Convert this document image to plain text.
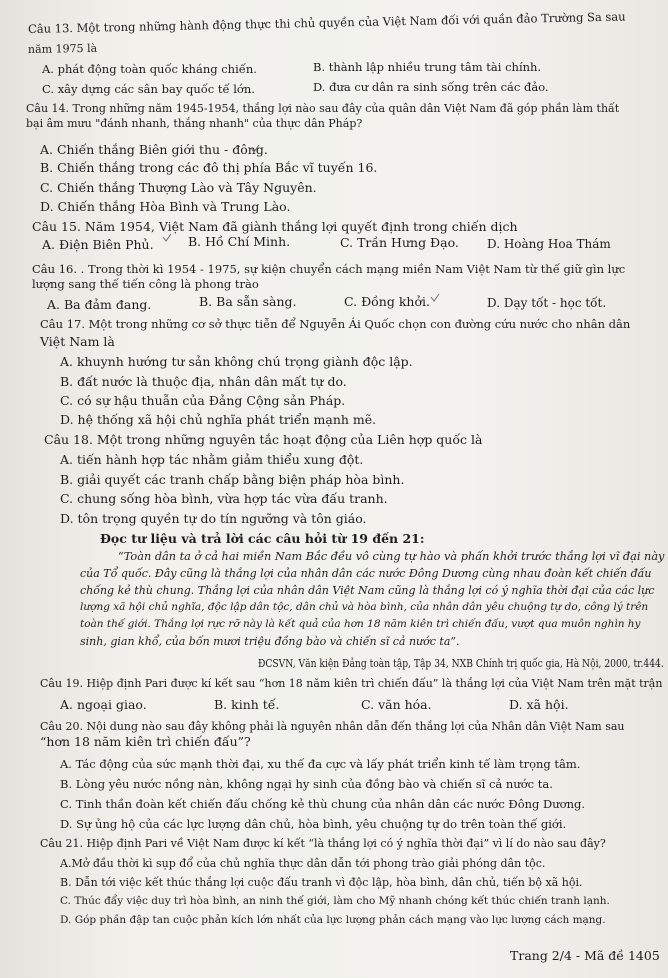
Câu 13. Một trong những hành động thực thi chủ quyền của Việt Nam đối với quần đảo Trường Sa sau
năm 1975 là
A. phát động toàn quốc kháng chiến.	B. thành lập nhiều trung tâm tài chính.
C. xây dựng các sân bay quốc tế lớn.	D. đưa cư dân ra sinh sống trên các đảo.
Câu 14. Trong những năm 1945-1954, thắng lợi nào sau đây của quân dân Việt Nam đã góp phần làm thất
bại âm mưu "đánh nhanh, thắng nhanh" của thực dân Pháp?
A. Chiến thắng Biên giới thu - đông.
B. Chiến thắng trong các đô thị phía Bắc vĩ tuyến 16.
C. Chiến thắng Thượng Lào và Tây Nguyên.
D. Chiến thắng Hòa Bình và Trung Lào.
Câu 15. Năm 1954, Việt Nam đã giành thắng lợi quyết định trong chiến dịch
A. Điện Biên Phủ.	B. Hồ Chí Minh.	C. Trần Hưng Đạo. D. Hoàng Hoa Thám
Câu 16. . Trong thời kì 1954 - 1975, sự kiện chuyển cách mạng miền Nam Việt Nam từ thế giữ gìn lực
lượng sang thế tiến công là phong trào
A. Ba đảm đang.	B. Ba sẵn sàng.	C. Đồng khởi.	D. Dạy tốt - học tốt.
Câu 17. Một trong những cơ sở thực tiễn để Nguyễn Ái Quốc chọn con đường cứu nước cho nhân dân
Việt Nam là
A. khuynh hướng tư sản không chú trọng giành độc lập.
B. đất nước là thuộc địa, nhân dân mất tự do.
C. có sự hậu thuẫn của Đảng Cộng sản Pháp.
D. hệ thống xã hội chủ nghĩa phát triển mạnh mẽ.
Câu 18. Một trong những nguyên tắc hoạt động của Liên hợp quốc là
A. tiến hành hợp tác nhằm giảm thiểu xung đột.
B. giải quyết các tranh chấp bằng biện pháp hòa bình.
C. chung sống hòa bình, vừa hợp tác vừa đấu tranh.
D. tôn trọng quyền tự do tín ngưỡng và tôn giáo.
Đọc tư liệu và trả lời các câu hỏi từ 19 đến 21:
“Toàn dân ta ở cả hai miền Nam Bắc đều vô cùng tự hào và phấn khởi trước thắng lợi vĩ đại này
của Tổ quốc. Đây cũng là thắng lợi của nhân dân các nước Đông Dương cùng nhau đoàn kết chiến đấu
chống kẻ thù chung. Thắng lợi của nhân dân Việt Nam cũng là thắng lợi có ý nghĩa thời đại của các lực
lượng xã hội chủ nghĩa, độc lập dân tộc, dân chủ và hòa bình, của nhân dân yêu chuộng tự do, công lý trên
toàn thế giới. Thắng lợi rực rỡ này là kết quả của hơn 18 năm kiên trì chiến đấu, vượt qua muôn nghìn hy
sinh, gian khổ, của bốn mươi triệu đồng bào và chiến sĩ cả nước ta”.
ĐCSVN, Văn kiện Đảng toàn tập, Tập 34, NXB Chính trị quốc gia, Hà Nội, 2000, tr.444.
Câu 19. Hiệp định Pari được kí kết sau “hơn 18 năm kiên trì chiến đấu” là thắng lợi của Việt Nam trên mặt trận
A. ngoại giao.	B. kinh tế.	C. văn hóa.	D. xã hội.
Câu 20. Nội dung nào sau đây không phải là nguyên nhân dẫn đến thắng lợi của Nhân dân Việt Nam sau
“hơn 18 năm kiên trì chiến đấu”?
A. Tác động của sức mạnh thời đại, xu thế đa cực và lấy phát triển kinh tế làm trọng tâm.
B. Lòng yêu nước nồng nàn, không ngại hy sinh của đồng bào và chiến sĩ cả nước ta.
C. Tinh thần đoàn kết chiến đấu chống kẻ thù chung của nhân dân các nước Đông Dương.
D. Sự ủng hộ của các lực lượng dân chủ, hòa bình, yêu chuộng tự do trên toàn thế giới.
Câu 21. Hiệp định Pari về Việt Nam được kí kết “là thắng lợi có ý nghĩa thời đại” vì lí do nào sau đây?
A.Mở đầu thời kì sụp đổ của chủ nghĩa thực dân dẫn tới phong trào giải phóng dân tộc.
B. Dẫn tới việc kết thúc thắng lợi cuộc đấu tranh vì độc lập, hòa bình, dân chủ, tiến bộ xã hội.
C. Thúc đẩy việc duy trì hòa bình, an ninh thế giới, làm cho Mỹ nhanh chóng kết thúc chiến tranh lạnh.
D. Góp phần đập tan cuộc phản kích lớn nhất của lực lượng phản cách mạng vào lực lượng cách mạng.
Trang 2/4 - Mã đề 1405
